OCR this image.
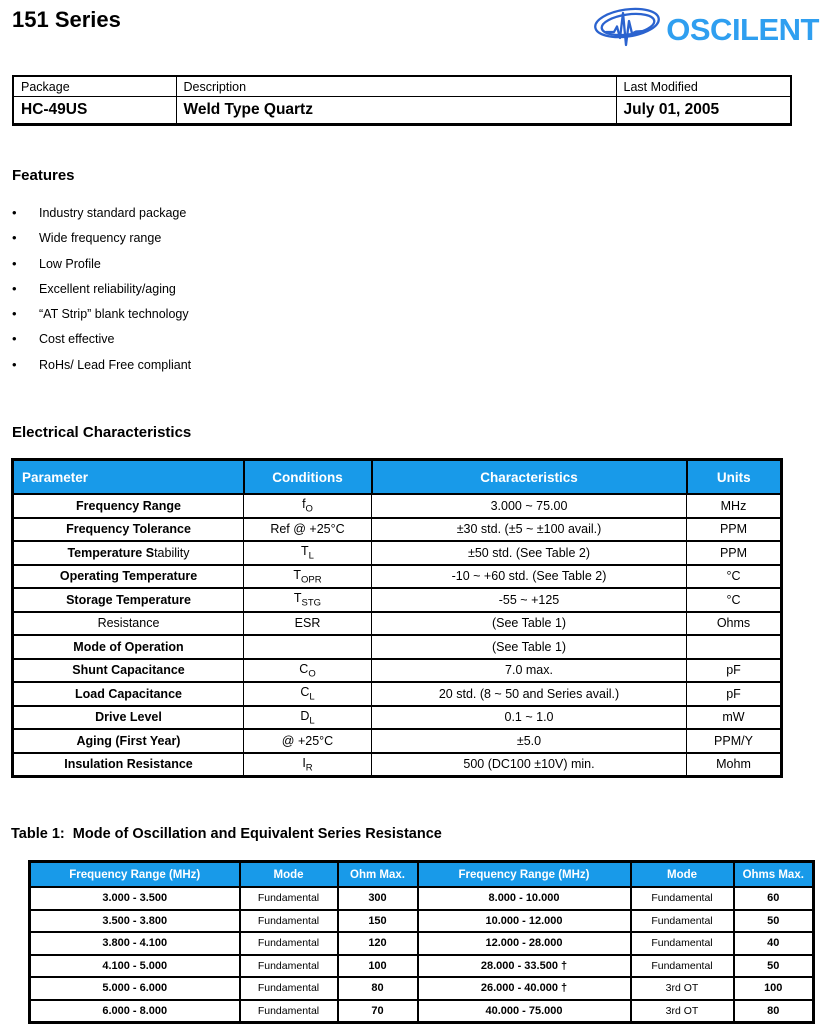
151 Series	OSCILENT
Package	Description	Last Modified
HC-49US	Weld Type Quartz	July 01, 2005
Features
•	Industry standard package
•	Wide frequency range
•	Low Profile
•	Excellent reliability/aging
•	“AT Strip” blank technology
•	Cost effective
•	RoHs/ Lead Free compliant
Electrical Characteristics
Parameter	Conditions	Characteristics	Units
Frequency Range	$f_O$	3.000 ~ 75.00	MHz
Frequency Tolerance	Ref @ +25°C	±30 std. (±5 ~ ±100 avail.)	PPM
Temperature Stability	$T_L$	±50 std. (See Table 2)	PPM
Operating Temperature	$T_{OPR}$	-10 ~ +60 std. (See Table 2)	°C
Storage Temperature	$T_{STG}$	-55 ~ +125	°C
Resistance	ESR	(See Table 1)	Ohms
Mode of Operation		(See Table 1)	
Shunt Capacitance	$C_O$	7.0 max.	pF
Load Capacitance	$C_L$	20 std. (8 ~ 50 and Series avail.)	pF
Drive Level	$D_L$	0.1 ~ 1.0	mW
Aging (First Year)	@ +25°C	±5.0	PPM/Y
Insulation Resistance	$I_R$	500 (DC100 ±10V) min.	Mohm
Table 1:  Mode of Oscillation and Equivalent Series Resistance
Frequency Range (MHz)	Mode	Ohm Max.	Frequency Range (MHz)	Mode	Ohms Max.
3.000 - 3.500	Fundamental	300	8.000 - 10.000	Fundamental	60
3.500 - 3.800	Fundamental	150	10.000 - 12.000	Fundamental	50
3.800 - 4.100	Fundamental	120	12.000 - 28.000	Fundamental	40
4.100 - 5.000	Fundamental	100	28.000 - 33.500 †	Fundamental	50
5.000 - 6.000	Fundamental	80	26.000 - 40.000 †	3rd OT	100
6.000 - 8.000	Fundamental	70	40.000 - 75.000	3rd OT	80
